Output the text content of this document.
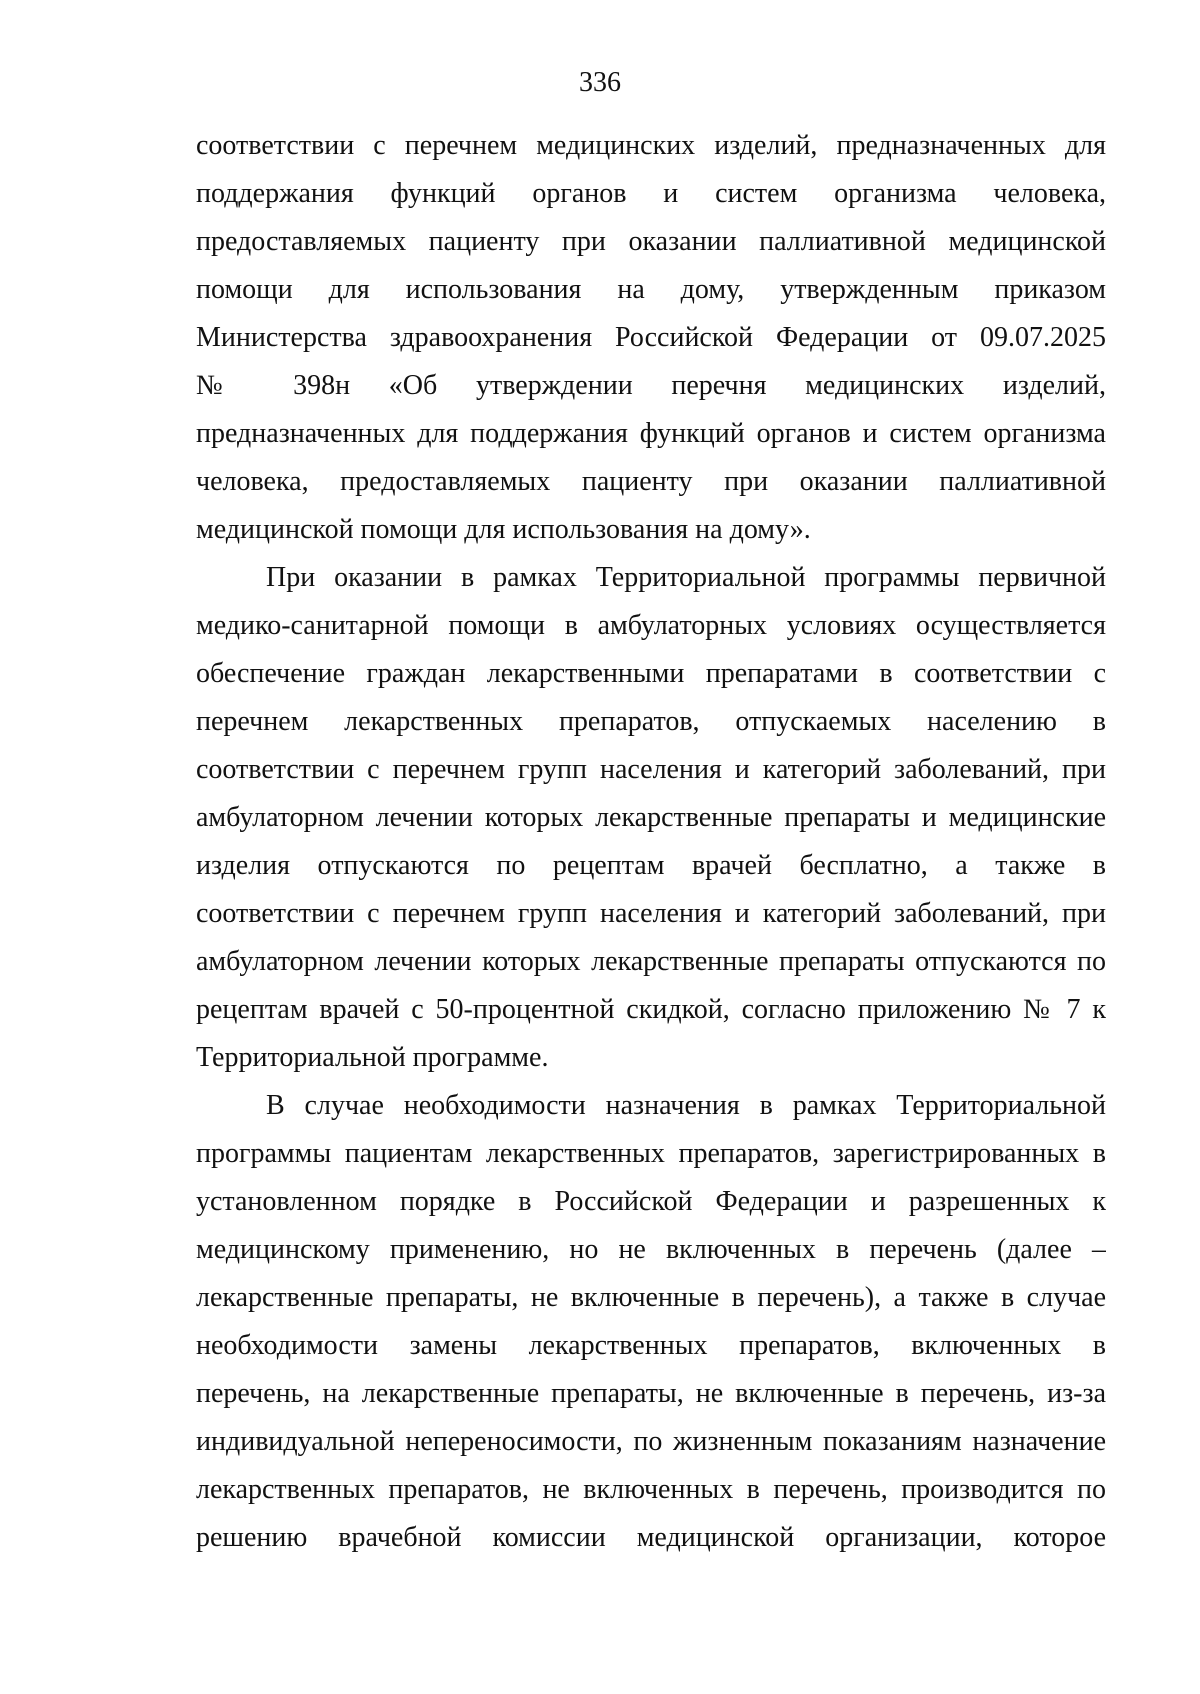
336
соответствии с перечнем медицинских изделий, предназначенных для
поддержания функций органов и систем организма человека,
предоставляемых пациенту при оказании паллиативной медицинской
помощи для использования на дому, утвержденным приказом
Министерства здравоохранения Российской Федерации от 09.07.2025
№ 398н «Об утверждении перечня медицинских изделий,
предназначенных для поддержания функций органов и систем организма
человека, предоставляемых пациенту при оказании паллиативной
медицинской помощи для использования на дому».
При оказании в рамках Территориальной программы первичной
медико-санитарной помощи в амбулаторных условиях осуществляется
обеспечение граждан лекарственными препаратами в соответствии с
перечнем лекарственных препаратов, отпускаемых населению в
соответствии с перечнем групп населения и категорий заболеваний, при
амбулаторном лечении которых лекарственные препараты и медицинские
изделия отпускаются по рецептам врачей бесплатно, а также в
соответствии с перечнем групп населения и категорий заболеваний, при
амбулаторном лечении которых лекарственные препараты отпускаются по
рецептам врачей с 50-процентной скидкой, согласно приложению № 7 к
Территориальной программе.
В случае необходимости назначения в рамках Территориальной
программы пациентам лекарственных препаратов, зарегистрированных в
установленном порядке в Российской Федерации и разрешенных к
медицинскому применению, но не включенных в перечень (далее –
лекарственные препараты, не включенные в перечень), а также в случае
необходимости замены лекарственных препаратов, включенных в
перечень, на лекарственные препараты, не включенные в перечень, из-за
индивидуальной непереносимости, по жизненным показаниям назначение
лекарственных препаратов, не включенных в перечень, производится по
решению врачебной комиссии медицинской организации, которое
